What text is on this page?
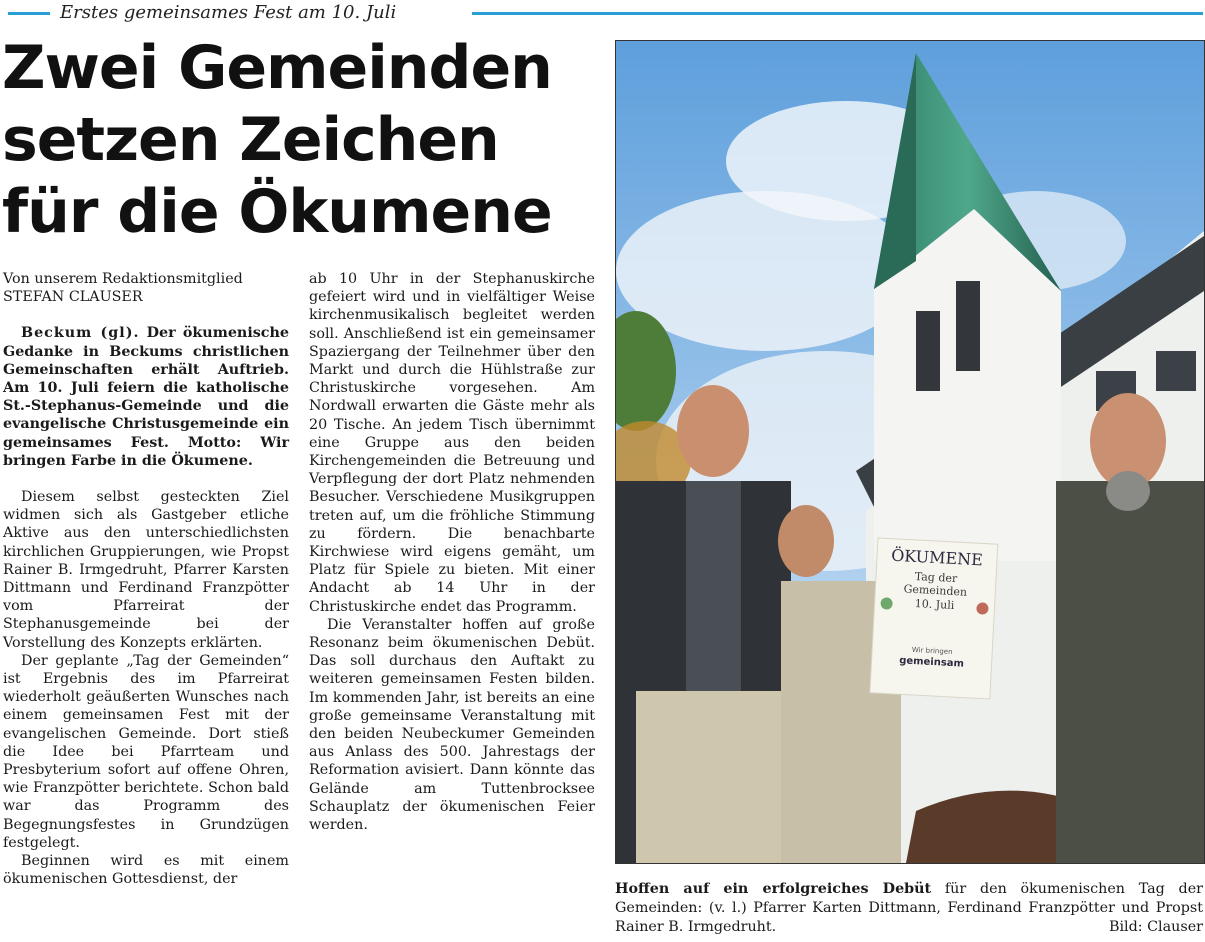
Erstes gemeinsames Fest am 10. Juli
Zwei Gemeinden
setzen Zeichen
für die Ökumene

Von unserem Redaktionsmitglied
STEFAN CLAUSER

Beckum (gl). Der ökumenische Gedanke in Beckums christlichen Gemeinschaften erhält Auftrieb. Am 10. Juli feiern die katholische St.-Stephanus-Gemeinde und die evangelische Christusgemeinde ein gemeinsames Fest. Motto: Wir bringen Farbe in die Ökumene.

Diesem selbst gesteckten Ziel widmen sich als Gastgeber etliche Aktive aus den unterschiedlichsten kirchlichen Gruppierungen, wie Propst Rainer B. Irmgedruht, Pfarrer Karsten Dittmann und Ferdinand Franzpötter vom Pfarreirat der Stephanusgemeinde bei der Vorstellung des Konzepts erklärten.

Der geplante „Tag der Gemeinden“ ist Ergebnis des im Pfarreirat wiederholt geäußerten Wunsches nach einem gemeinsamen Fest mit der evangelischen Gemeinde. Dort stieß die Idee bei Pfarrteam und Presbyterium sofort auf offene Ohren, wie Franzpötter berichtete. Schon bald war das Programm des Begegnungsfestes in Grundzügen festgelegt.

Beginnen wird es mit einem ökumenischen Gottesdienst, der

ab 10 Uhr in der Stephanuskirche gefeiert wird und in vielfältiger Weise kirchenmusikalisch begleitet werden soll. Anschließend ist ein gemeinsamer Spaziergang der Teilnehmer über den Markt und durch die Hühlstraße zur Christuskirche vorgesehen. Am Nordwall erwarten die Gäste mehr als 20 Tische. An jedem Tisch übernimmt eine Gruppe aus den beiden Kirchengemeinden die Betreuung und Verpflegung der dort Platz nehmenden Besucher. Verschiedene Musikgruppen treten auf, um die fröhliche Stimmung zu fördern. Die benachbarte Kirchwiese wird eigens gemäht, um Platz für Spiele zu bieten. Mit einer Andacht ab 14 Uhr in der Christuskirche endet das Programm.

Die Veranstalter hoffen auf große Resonanz beim ökumenischen Debüt. Das soll durchaus den Auftakt zu weiteren gemeinsamen Festen bilden. Im kommenden Jahr, ist bereits an eine große gemeinsame Veranstaltung mit den beiden Neubeckumer Gemeinden aus Anlass des 500. Jahrestags der Reformation avisiert. Dann könnte das Gelände am Tuttenbrocksee Schauplatz der ökumenischen Feier werden.

ÖKUMENE
Tag der
Gemeinden
10. Juli
Wir bringen
gemeinsam
Hoffen auf ein erfolgreiches Debüt für den ökumenischen Tag der Gemeinden: (v. l.) Pfarrer Karten Dittmann, Ferdinand Franzpötter und Propst Rainer B. Irmgedruht.	Bild: Clauser
